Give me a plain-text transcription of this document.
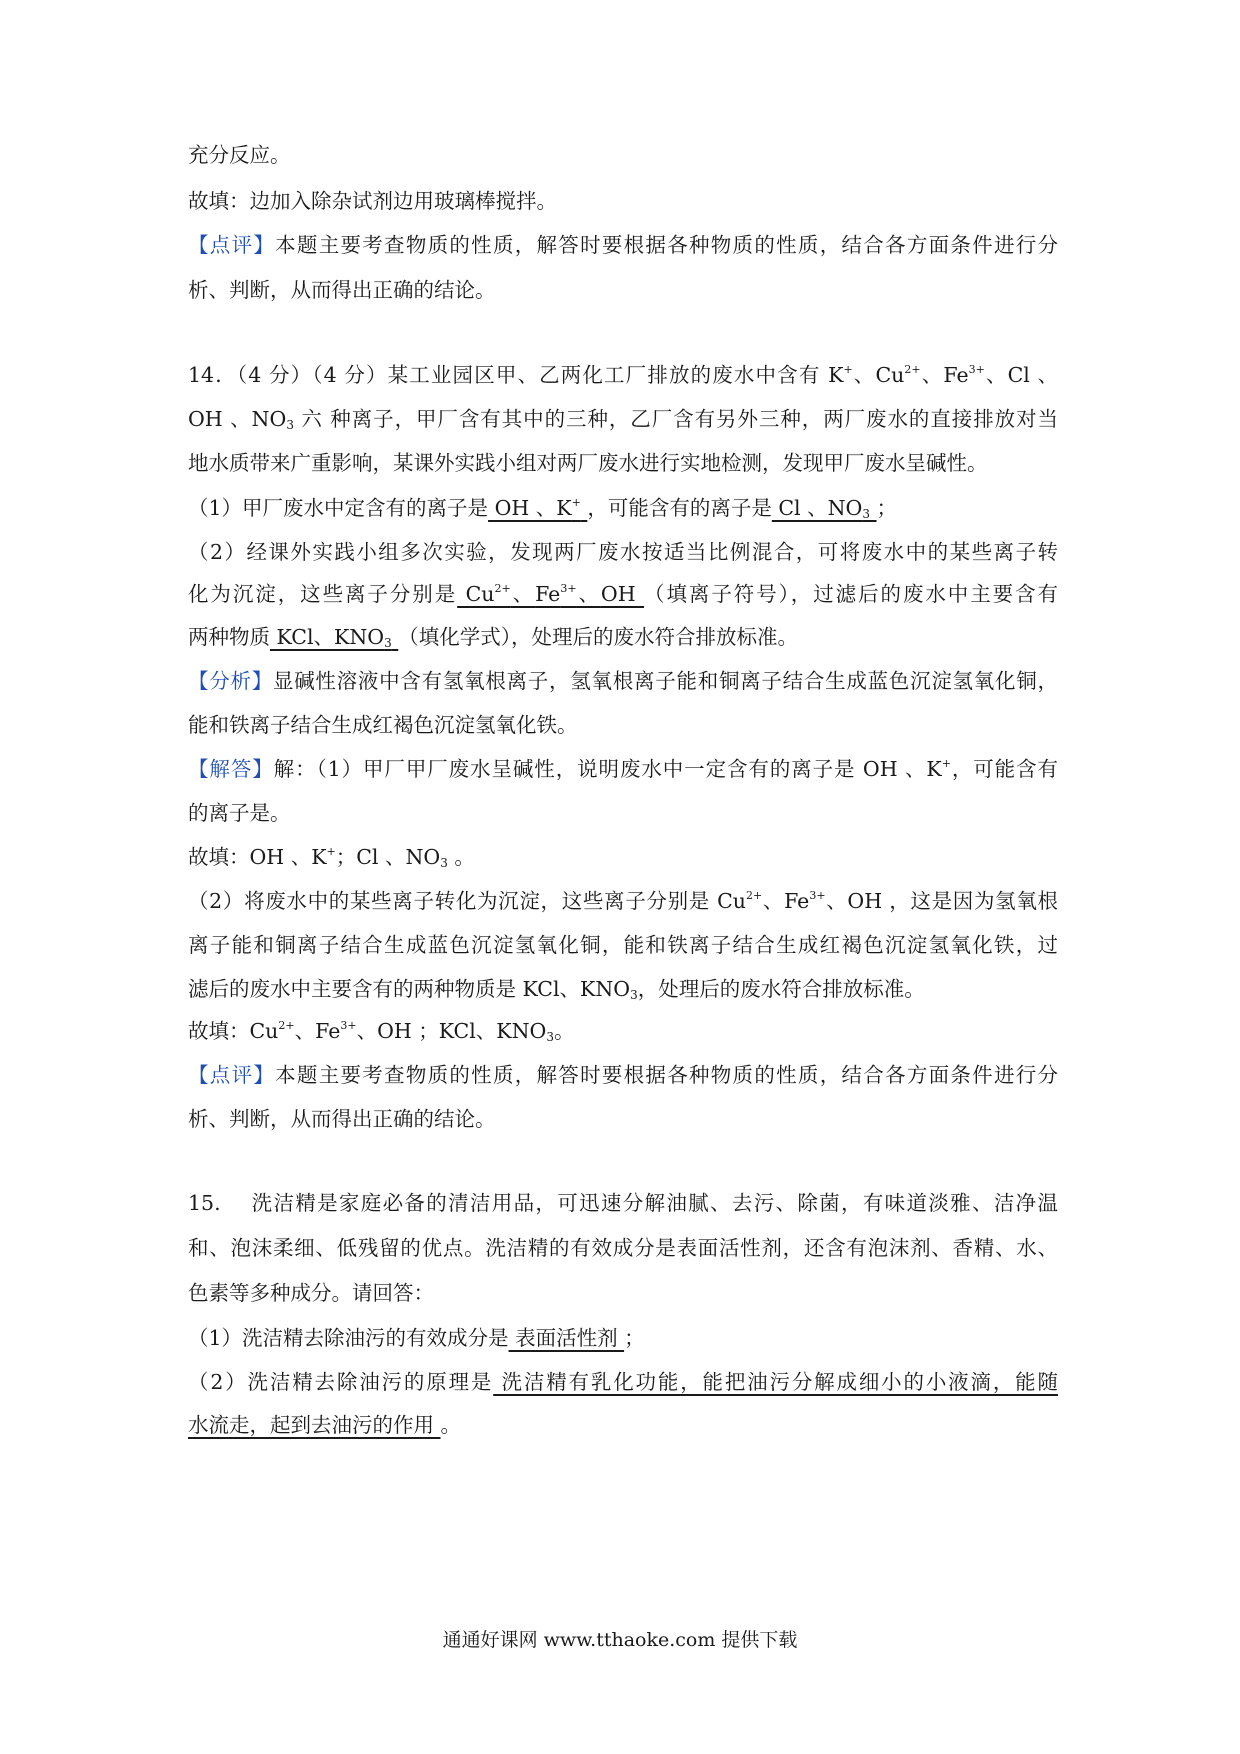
充分反应。
故填：边加入除杂试剂边用玻璃棒搅拌。
【点评】本题主要考查物质的性质，解答时要根据各种物质的性质，结合各方面条件进行分
析、判断，从而得出正确的结论。
14．（4 分）（4 分）某工业园区甲、乙两化工厂排放的废水中含有 K+、$Cu^{2+}$、$Fe^{3+}$、Cl 、
OH 、$NO_3$ 六 种离子，甲厂含有其中的三种，乙厂含有另外三种，两厂废水的直接排放对当
地水质带来广重影响，某课外实践小组对两厂废水进行实地检测，发现甲厂废水呈碱性。
（1）甲厂废水中定含有的离子是 OH 、K+ ，可能含有的离子是 Cl 、$NO_3$ ；
（2）经课外实践小组多次实验，发现两厂废水按适当比例混合，可将废水中的某些离子转
化为沉淀，这些离子分别是 $Cu^{2+}$、$Fe^{3+}$、OH （填离子符号），过滤后的废水中主要含有
两种物质 KCl、$KNO_3$ （填化学式），处理后的废水符合排放标准。
【分析】显碱性溶液中含有氢氧根离子，氢氧根离子能和铜离子结合生成蓝色沉淀氢氧化铜，
能和铁离子结合生成红褐色沉淀氢氧化铁。
【解答】解：（1）甲厂甲厂废水呈碱性，说明废水中一定含有的离子是 OH 、K+，可能含有
的离子是。
故填：OH 、K+；Cl 、$NO_3$ 。
（2）将废水中的某些离子转化为沉淀，这些离子分别是 $Cu^{2+}$、$Fe^{3+}$、OH ，这是因为氢氧根
离子能和铜离子结合生成蓝色沉淀氢氧化铜，能和铁离子结合生成红褐色沉淀氢氧化铁，过
滤后的废水中主要含有的两种物质是 KCl、$KNO_3$，处理后的废水符合排放标准。
故填：$Cu^{2+}$、$Fe^{3+}$、OH ；KCl、$KNO_3$。
【点评】本题主要考查物质的性质，解答时要根据各种物质的性质，结合各方面条件进行分
析、判断，从而得出正确的结论。
15.　 洗洁精是家庭必备的清洁用品，可迅速分解油腻、去污、除菌，有味道淡雅、洁净温
和、泡沫柔细、低残留的优点。洗洁精的有效成分是表面活性剂，还含有泡沫剂、香精、水、
色素等多种成分。请回答：
（1）洗洁精去除油污的有效成分是 表面活性剂 ；
（2）洗洁精去除油污的原理是 洗洁精有乳化功能，能把油污分解成细小的小液滴，能随
水流走，起到去油污的作用 。
通通好课网 www.tthaoke.com 提供下载
